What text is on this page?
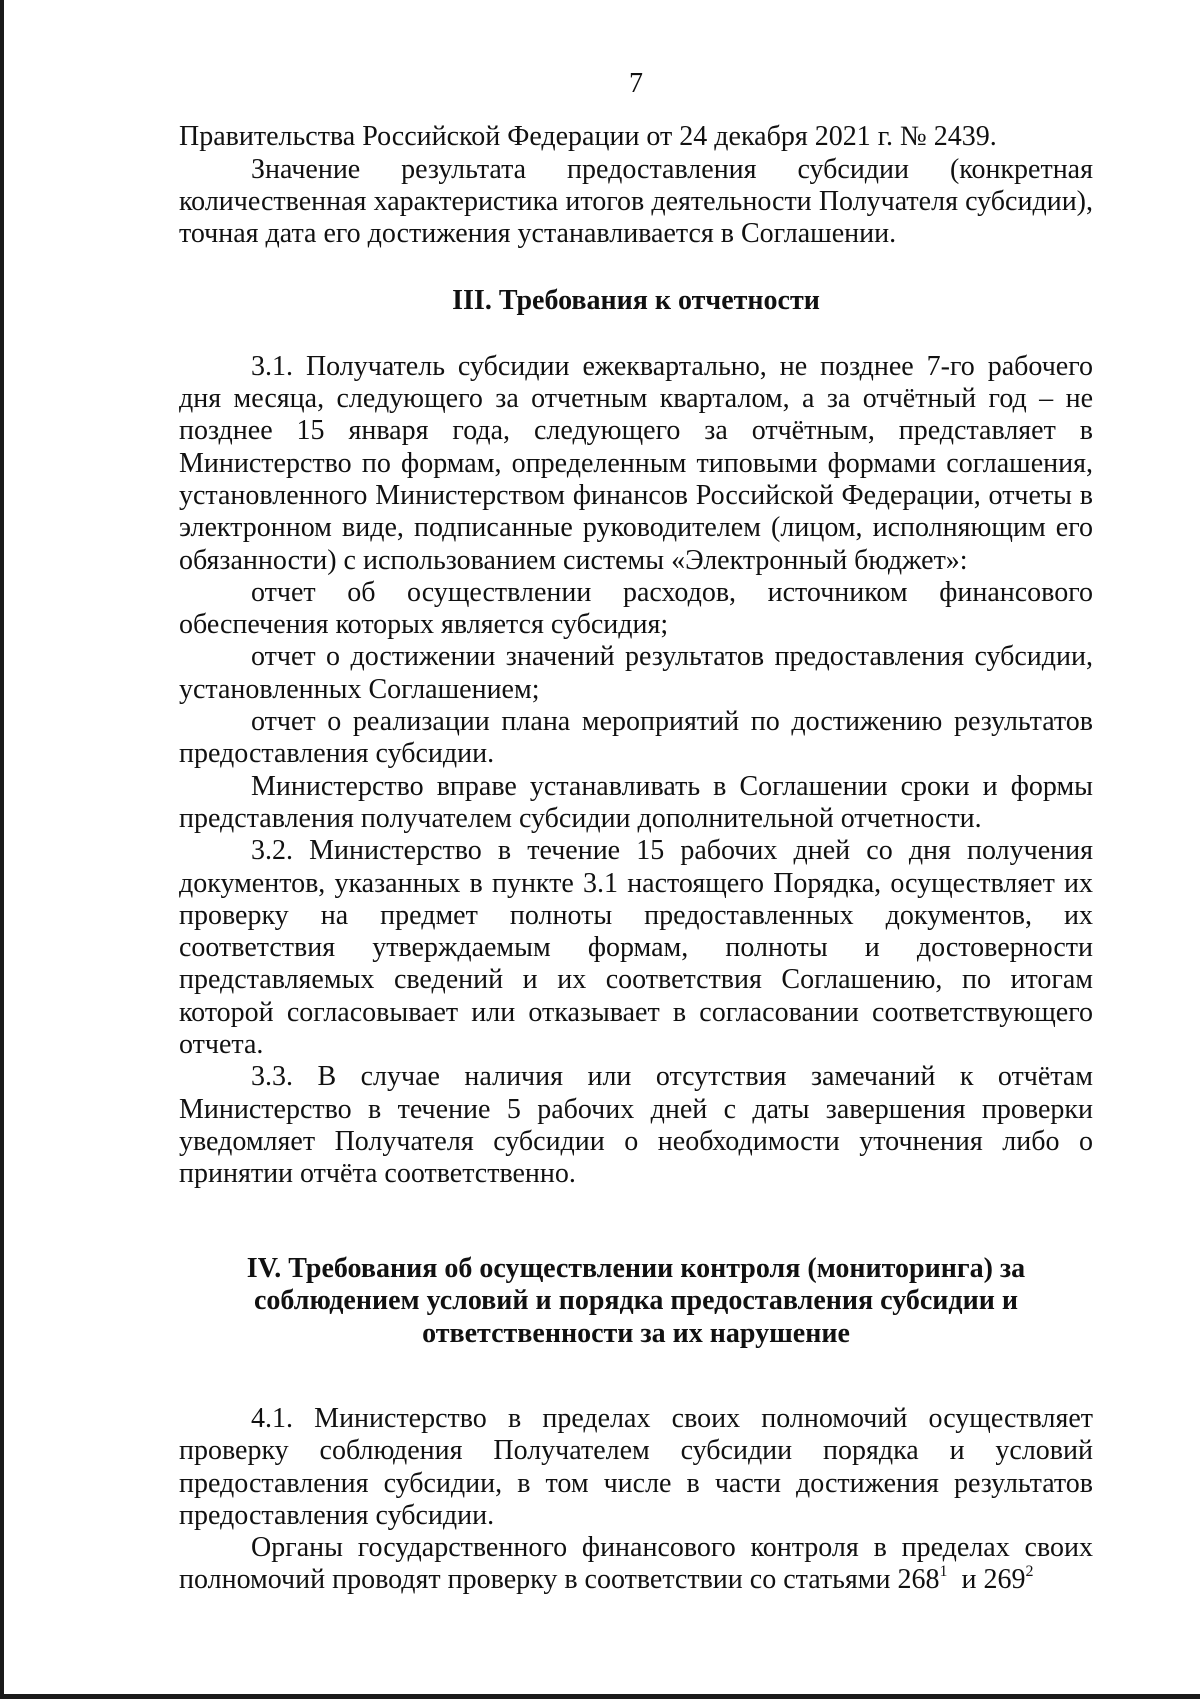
7

Правительства Российской Федерации от 24 декабря 2021 г. № 2439.

Значение результата предоставления субсидии (конкретная количественная характеристика итогов деятельности Получателя субсидии), точная дата его достижения устанавливается в Соглашении.

III. Требования к отчетности

3.1. Получатель субсидии ежеквартально, не позднее 7-го рабочего дня месяца, следующего за отчетным кварталом, а за отчётный год – не позднее 15 января года, следующего за отчётным, представляет в Министерство по формам, определенным типовыми формами соглашения, установленного Министерством финансов Российской Федерации, отчеты в электронном виде, подписанные руководителем (лицом, исполняющим его обязанности) с использованием системы «Электронный бюджет»:

отчет об осуществлении расходов, источником финансового обеспечения которых является субсидия;

отчет о достижении значений результатов предоставления субсидии, установленных Соглашением;

отчет о реализации плана мероприятий по достижению результатов предоставления субсидии.

Министерство вправе устанавливать в Соглашении сроки и формы представления получателем субсидии дополнительной отчетности.

3.2. Министерство в течение 15 рабочих дней со дня получения документов, указанных в пункте 3.1 настоящего Порядка, осуществляет их проверку на предмет полноты предоставленных документов, их соответствия утверждаемым формам, полноты и достоверности представляемых сведений и их соответствия Соглашению, по итогам которой согласовывает или отказывает в согласовании соответствующего отчета.

3.3. В случае наличия или отсутствия замечаний к отчётам Министерство в течение 5 рабочих дней с даты завершения проверки уведомляет Получателя субсидии о необходимости уточнения либо о принятии отчёта соответственно.

IV. Требования об осуществлении контроля (мониторинга) за
соблюдением условий и порядка предоставления субсидии и
ответственности за их нарушение

4.1. Министерство в пределах своих полномочий осуществляет проверку соблюдения Получателем субсидии порядка и условий предоставления субсидии, в том числе в части достижения результатов предоставления субсидии.

Органы государственного финансового контроля в пределах своих полномочий проводят проверку в соответствии со статьями $268^1$  и $269^2$
